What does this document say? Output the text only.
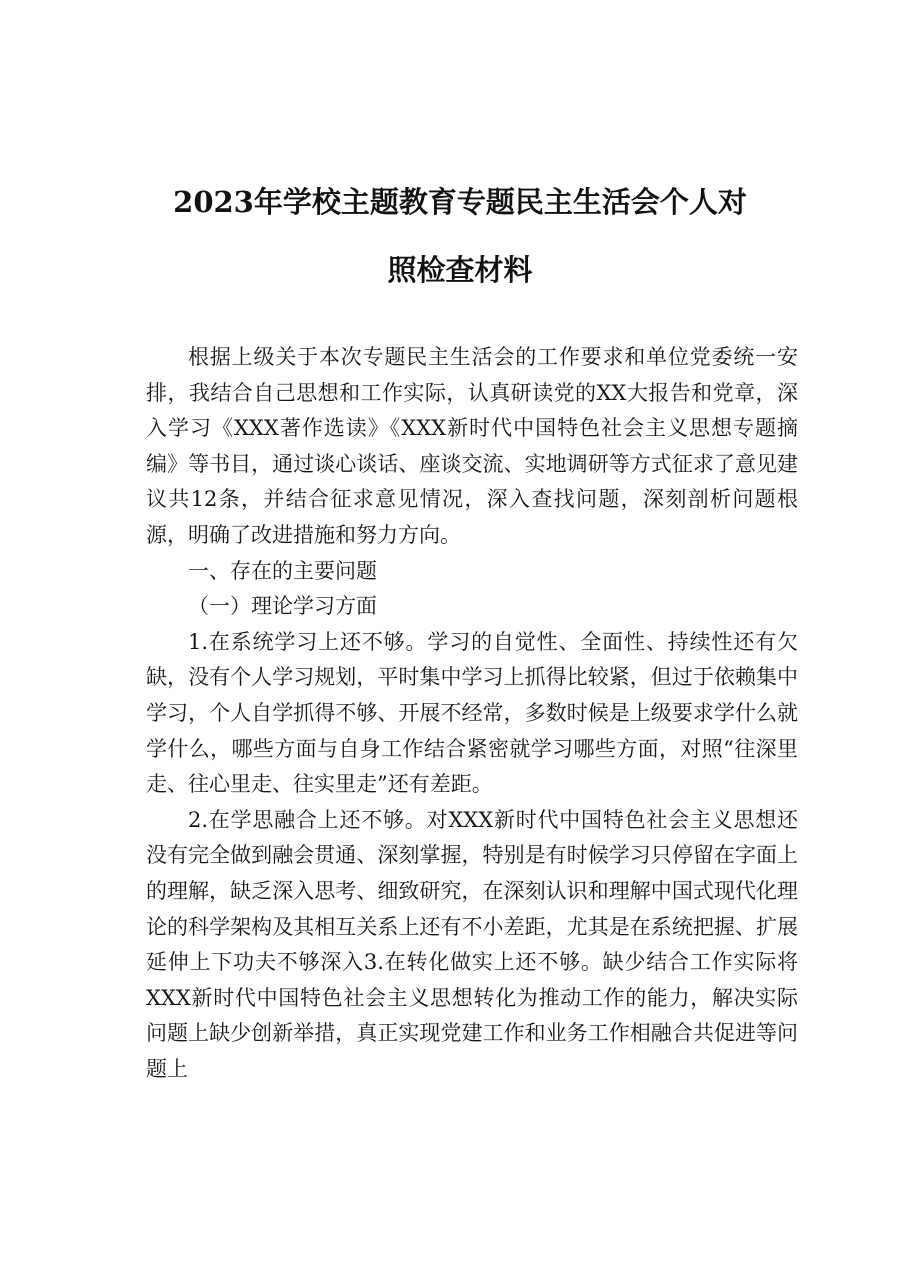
2023年学校主题教育专题民主生活会个人对
照检查材料

根据上级关于本次专题民主生活会的工作要求和单位党委统一安排，我结合自己思想和工作实际，认真研读党的XX大报告和党章，深入学习《XXX著作选读》《XXX新时代中国特色社会主义思想专题摘编》等书目，通过谈心谈话、座谈交流、实地调研等方式征求了意见建议共12条，并结合征求意见情况，深入查找问题，深刻剖析问题根源，明确了改进措施和努力方向。

一、存在的主要问题

（一）理论学习方面

1.在系统学习上还不够。学习的自觉性、全面性、持续性还有欠缺，没有个人学习规划，平时集中学习上抓得比较紧，但过于依赖集中学习，个人自学抓得不够、开展不经常，多数时候是上级要求学什么就学什么，哪些方面与自身工作结合紧密就学习哪些方面，对照“往深里走、往心里走、往实里走”还有差距。

2.在学思融合上还不够。对XXX新时代中国特色社会主义思想还没有完全做到融会贯通、深刻掌握，特别是有时候学习只停留在字面上的理解，缺乏深入思考、细致研究，在深刻认识和理解中国式现代化理论的科学架构及其相互关系上还有不小差距，尤其是在系统把握、扩展延伸上下功夫不够深入3.在转化做实上还不够。缺少结合工作实际将XXX新时代中国特色社会主义思想转化为推动工作的能力，解决实际问题上缺少创新举措，真正实现党建工作和业务工作相融合共促进等问题上
